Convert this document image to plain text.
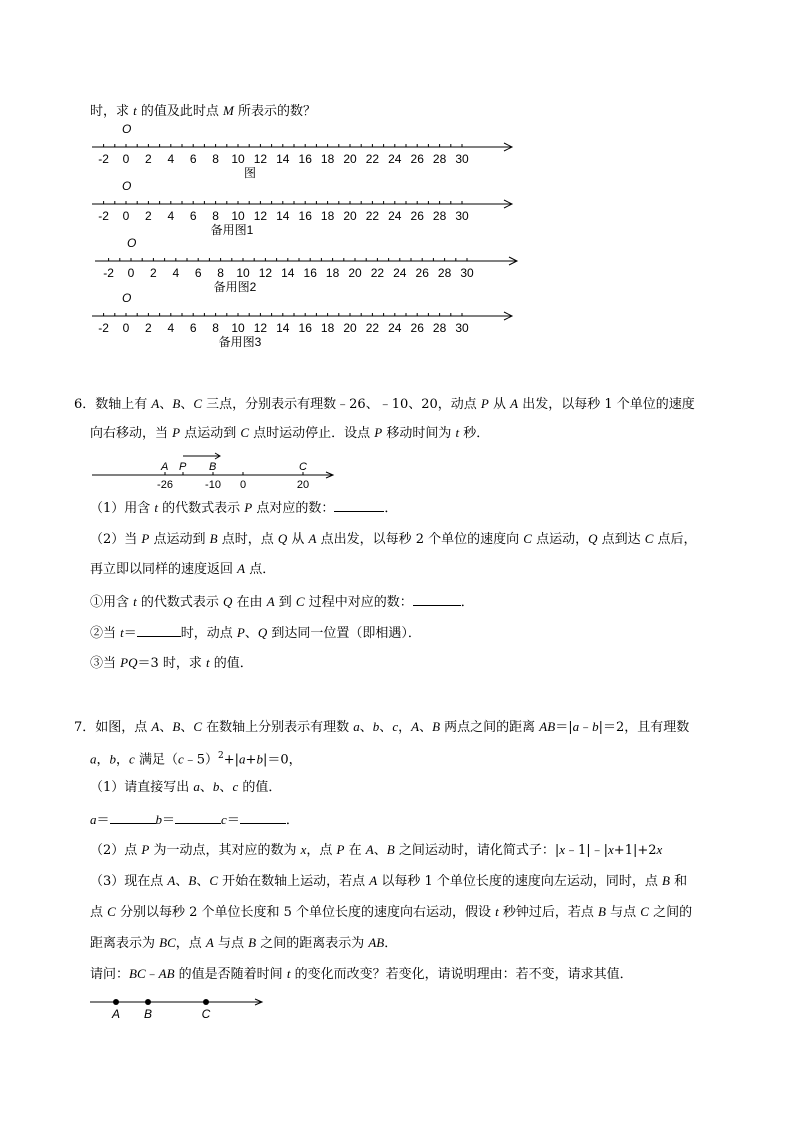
时，求 t 的值及此时点 M 所表示的数？
O
-2 0 2 4 6 8 10 12 14 16 18 20 22 24 26 28 30
图
O
-2 0 2 4 6 8 10 12 14 16 18 20 22 24 26 28 30
备用图1
O
-2 0 2 4 6 8 10 12 14 16 18 20 22 24 26 28 30
备用图2
O
-2 0 2 4 6 8 10 12 14 16 18 20 22 24 26 28 30
备用图3
6．数轴上有 A、B、C 三点，分别表示有理数﹣26、﹣10、20，动点 P 从 A 出发，以每秒 1 个单位的速度
向右移动，当 P 点运动到 C 点时运动停止．设点 P 移动时间为 t 秒．
A P B	C
-26	-10 0	20
（1）用含 t 的代数式表示 P 点对应的数：	．
（2）当 P 点运动到 B 点时，点 Q 从 A 点出发，以每秒 2 个单位的速度向 C 点运动，Q 点到达 C 点后，
再立即以同样的速度返回 A 点．
①用含 t 的代数式表示 Q 在由 A 到 C 过程中对应的数：	．
②当 t＝	时，动点 P、Q 到达同一位置（即相遇）．
③当 PQ＝3 时，求 t 的值．
7．如图，点 A、B、C 在数轴上分别表示有理数 a、b、c，A、B 两点之间的距离 AB＝|a﹣b|＝2，且有理数
a，b，c 满足（c﹣5）$^2$+|a+b|＝0，
（1）请直接写出 a、b、c 的值．
a＝	b＝	c＝	．
（2）点 P 为一动点，其对应的数为 x，点 P 在 A、B 之间运动时，请化简式子：|x﹣1|﹣|x+1|+2x
（3）现在点 A、B、C 开始在数轴上运动，若点 A 以每秒 1 个单位长度的速度向左运动，同时，点 B 和
点 C 分别以每秒 2 个单位长度和 5 个单位长度的速度向右运动，假设 t 秒钟过后，若点 B 与点 C 之间的
距离表示为 BC，点 A 与点 B 之间的距离表示为 AB．
请问：BC﹣AB 的值是否随着时间 t 的变化而改变？若变化，请说明理由：若不变，请求其值．
A B	C
